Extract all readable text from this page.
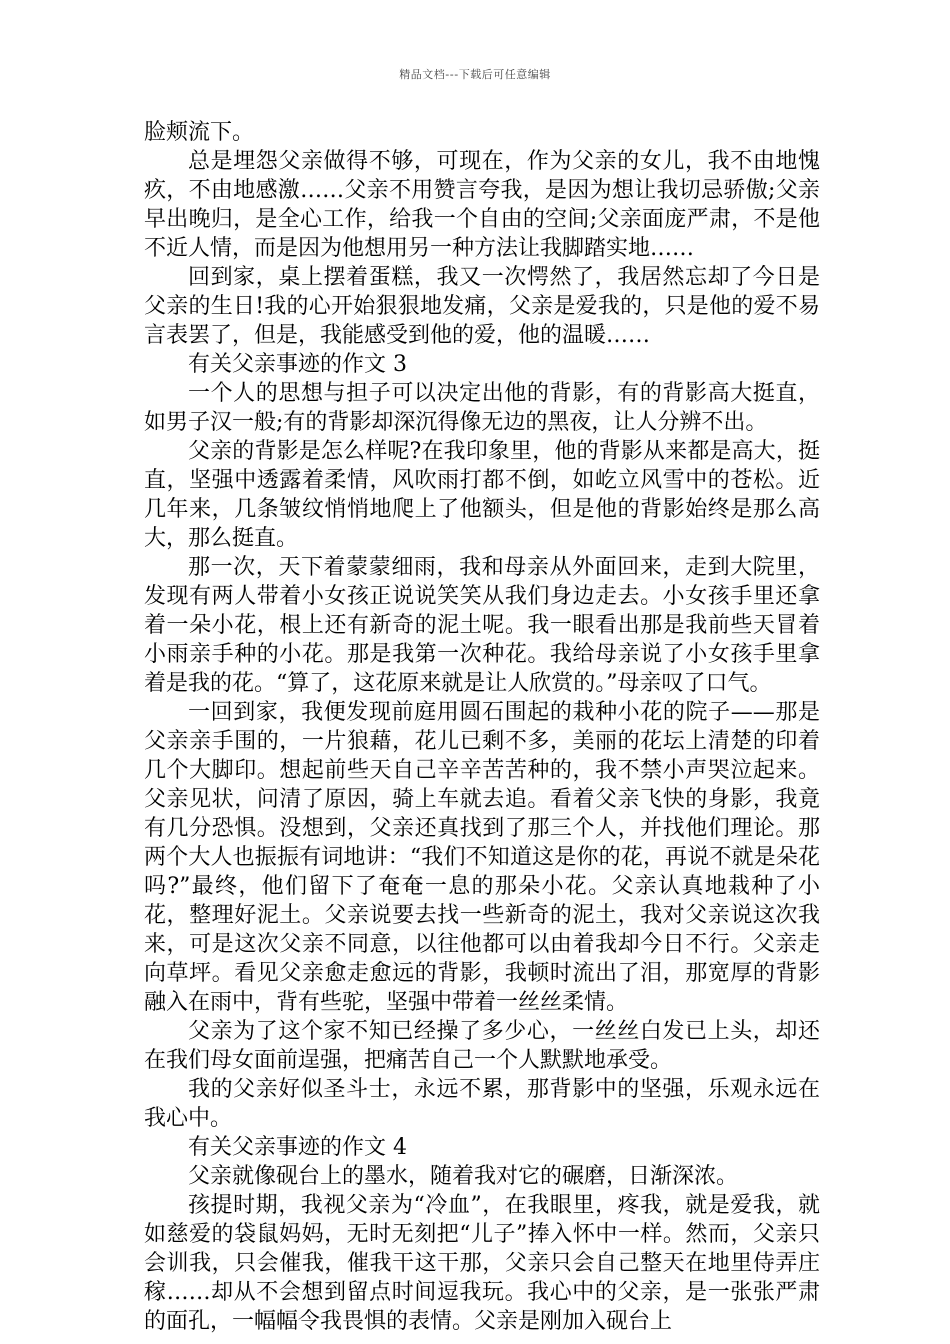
精品文档---下载后可任意编辑

脸颊流下。

总是埋怨父亲做得不够，可现在，作为父亲的女儿，我不由地愧疚，不由地感激……父亲不用赞言夸我，是因为想让我切忌骄傲;父亲早出晚归，是全心工作，给我一个自由的空间;父亲面庞严肃，不是他不近人情，而是因为他想用另一种方法让我脚踏实地……

回到家，桌上摆着蛋糕，我又一次愕然了，我居然忘却了今日是父亲的生日!我的心开始狠狠地发痛，父亲是爱我的，只是他的爱不易言表罢了，但是，我能感受到他的爱，他的温暖……

有关父亲事迹的作文 3

一个人的思想与担子可以决定出他的背影，有的背影高大挺直，如男子汉一般;有的背影却深沉得像无边的黑夜，让人分辨不出。

父亲的背影是怎么样呢?在我印象里，他的背影从来都是高大，挺直，坚强中透露着柔情，风吹雨打都不倒，如屹立风雪中的苍松。近几年来，几条皱纹悄悄地爬上了他额头，但是他的背影始终是那么高大，那么挺直。

那一次，天下着蒙蒙细雨，我和母亲从外面回来，走到大院里，发现有两人带着小女孩正说说笑笑从我们身边走去。小女孩手里还拿着一朵小花，根上还有新奇的泥土呢。我一眼看出那是我前些天冒着小雨亲手种的小花。那是我第一次种花。我给母亲说了小女孩手里拿着是我的花。“算了，这花原来就是让人欣赏的。”母亲叹了口气。

一回到家，我便发现前庭用圆石围起的栽种小花的院子——那是父亲亲手围的，一片狼藉，花儿已剩不多，美丽的花坛上清楚的印着几个大脚印。想起前些天自己辛辛苦苦种的，我不禁小声哭泣起来。父亲见状，问清了原因，骑上车就去追。看着父亲飞快的身影，我竟有几分恐惧。没想到，父亲还真找到了那三个人，并找他们理论。那两个大人也振振有词地讲：“我们不知道这是你的花，再说不就是朵花吗?”最终，他们留下了奄奄一息的那朵小花。父亲认真地栽种了小花，整理好泥土。父亲说要去找一些新奇的泥土，我对父亲说这次我来，可是这次父亲不同意，以往他都可以由着我却今日不行。父亲走向草坪。看见父亲愈走愈远的背影，我顿时流出了泪，那宽厚的背影融入在雨中，背有些驼，坚强中带着一丝丝柔情。

父亲为了这个家不知已经操了多少心，一丝丝白发已上头，却还在我们母女面前逞强，把痛苦自己一个人默默地承受。

我的父亲好似圣斗士，永远不累，那背影中的坚强，乐观永远在我心中。

有关父亲事迹的作文 4

父亲就像砚台上的墨水，随着我对它的碾磨，日渐深浓。

孩提时期，我视父亲为“冷血”，在我眼里，疼我，就是爱我，就如慈爱的袋鼠妈妈，无时无刻把“儿子”捧入怀中一样。然而，父亲只会训我，只会催我，催我干这干那，父亲只会自己整天在地里侍弄庄稼……却从不会想到留点时间逗我玩。我心中的父亲，是一张张严肃的面孔，一幅幅令我畏惧的表情。父亲是刚加入砚台上
